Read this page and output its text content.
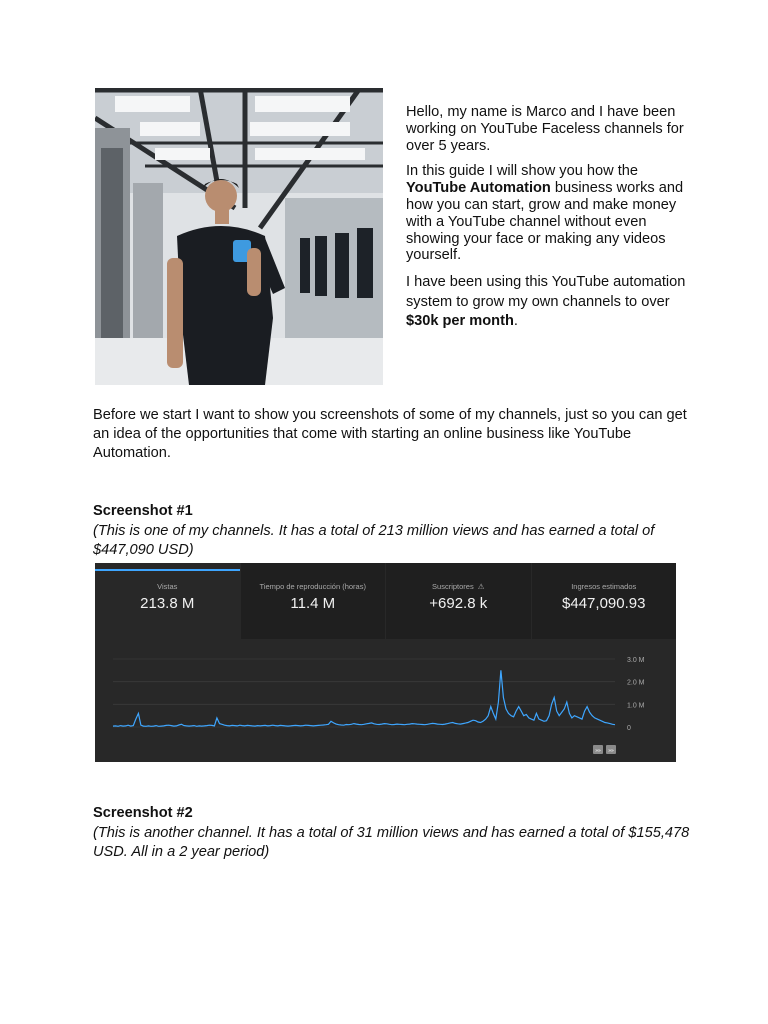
Hello, my name is Marco and I have been working on YouTube Faceless channels for over 5 years.

In this guide I will show you how the YouTube Automation business works and how you can start, grow and make money with a YouTube channel without even showing your face or making any videos yourself.

I have been using this YouTube automation system to grow my own channels to over $30k per month.

Before we start I want to show you screenshots of some of my channels, just so you can get an idea of the opportunities that come with starting an online business like YouTube Automation.
Screenshot #1
(This is one of my channels. It has a total of 213 million views and has earned a total of $447,090 USD)
Vistas
213.8 M
Tiempo de reproducción (horas)
11.4 M
Suscriptores ⚠
+692.8 k
Ingresos estimados
$447,090.93
3.0 M
2.0 M
1.0 M
0
»» »»
Screenshot #2
(This is another channel. It has a total of 31 million views and has earned a total of $155,478 USD. All in a 2 year period)
